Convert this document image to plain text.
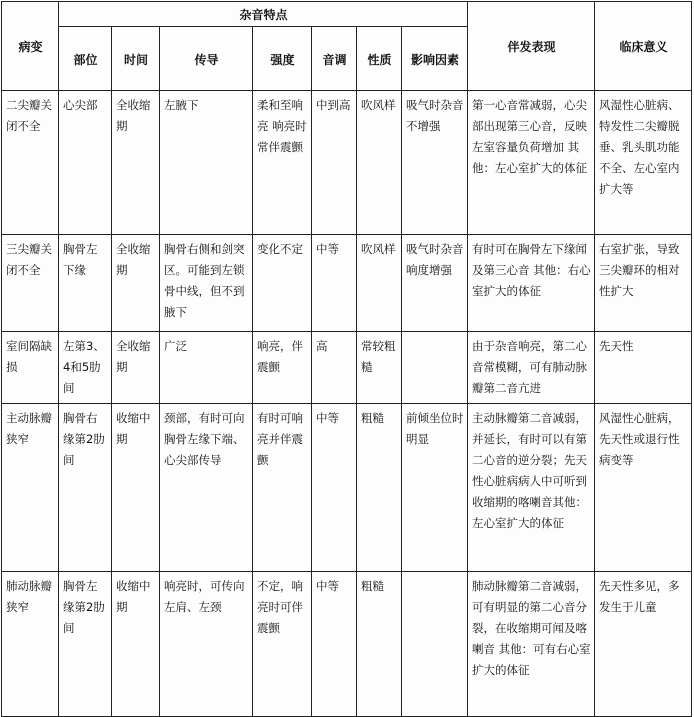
病变	杂音特点							伴发表现	临床意义
	部位	时间	传导	强度	音调	性质	影响因素		
二尖瓣关闭不全	心尖部	全收缩期	左腋下	柔和至响亮 响亮时常伴震颤	中到高	吹风样	吸气时杂音不增强	第一心音常减弱，心尖部出现第三心音，反映左室容量负荷增加 其他：左心室扩大的体征	风湿性心脏病、特发性二尖瓣脱垂、乳头肌功能不全、左心室内扩大等
三尖瓣关闭不全	胸骨左下缘	全收缩期	胸骨右侧和剑突区。可能到左锁骨中线，但不到腋下	变化不定	中等	吹风样	吸气时杂音响度增强	有时可在胸骨左下缘闻及第三心音 其他：右心室扩大的体征	右室扩张，导致三尖瓣环的相对性扩大
室间隔缺损	左第3、4和5肋间	全收缩期	广泛	响亮，伴震颤	高	常较粗糙		由于杂音响亮，第二心音常模糊，可有肺动脉瓣第二音亢进	先天性
主动脉瓣狭窄	胸骨右缘第2肋间	收缩中期	颈部，有时可向胸骨左缘下端、心尖部传导	有时可响亮并伴震颤	中等	粗糙	前倾坐位时明显	主动脉瓣第二音减弱，并延长，有时可以有第二心音的逆分裂；先天性心脏病病人中可听到收缩期的喀喇音其他：左心室扩大的体征	风湿性心脏病，先天性或退行性病变等
肺动脉瓣狭窄	胸骨左缘第2肋间	收缩中期	响亮时，可传向左肩、左颈	不定，响亮时可伴震颤	中等	粗糙		肺动脉瓣第二音减弱，可有明显的第二心音分裂，在收缩期可闻及喀喇音 其他：可有右心室扩大的体征	先天性多见，多发生于儿童
